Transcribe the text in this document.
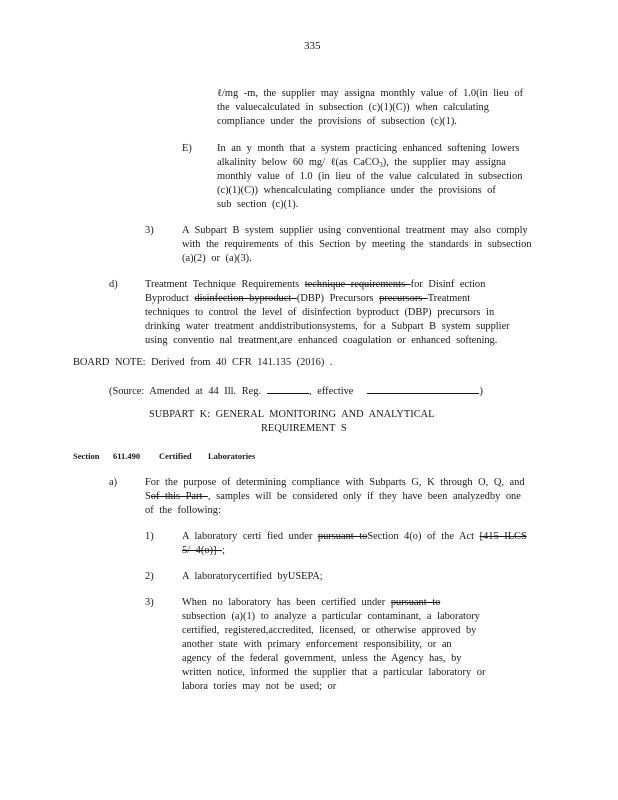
335
ℓ/mg -m, the supplier may assigna monthly value of 1.0(in lieu of
the valuecalculated in subsection (c)(1)(C)) when calculating
compliance under the provisions of subsection (c)(1).
E) In an y month that a system practicing enhanced softening lowers
alkalinity below 60 mg/ ℓ(as CaCO$_3$), the supplier may assigna
monthly value of 1.0 (in lieu of the value calculated in subsection
(c)(1)(C)) whencalculating compliance under the provisions of
sub section (c)(1).
3)	A Subpart B system supplier using conventional treatment may also comply
with the requirements of this Section by meeting the standards in subsection
(a)(2) or (a)(3).
d)	Treatment Technique Requirements technique requirements for Disinf ection
Byproduct disinfection byproduct (DBP) Precursors precursors Treatment
techniques to control the level of disinfection byproduct (DBP) precursors in
drinking water treatment anddistributionsystems, for a Subpart B system supplier
using conventio nal treatment,are enhanced coagulation or enhanced softening.
BOARD NOTE: Derived from 40 CFR 141.135 (2016) .
(Source: Amended at 44 Ill. Reg.	, effective	)
SUBPART K: GENERAL MONITORING AND ANALYTICAL
REQUIREMENT S
Section 611.490 Certified Laboratories
a)	For the purpose of determining compliance with Subparts G, K through O, Q, and
Sof this Part , samples will be considered only if they have been analyzedby one
of the following:
1)	A laboratory certi fied under pursuant toSection 4(o) of the Act [415 ILCS
5/ 4(o)] ;
2)	A laboratorycertified byUSEPA;
3)	When no laboratory has been certified under pursuant to
subsection (a)(1) to analyze a particular contaminant, a laboratory
certified, registered,accredited, licensed, or otherwise approved by
another state with primary enforcement responsibility, or an
agency of the federal government, unless the Agency has, by
written notice, informed the supplier that a particular laboratory or
labora tories may not be used; or
